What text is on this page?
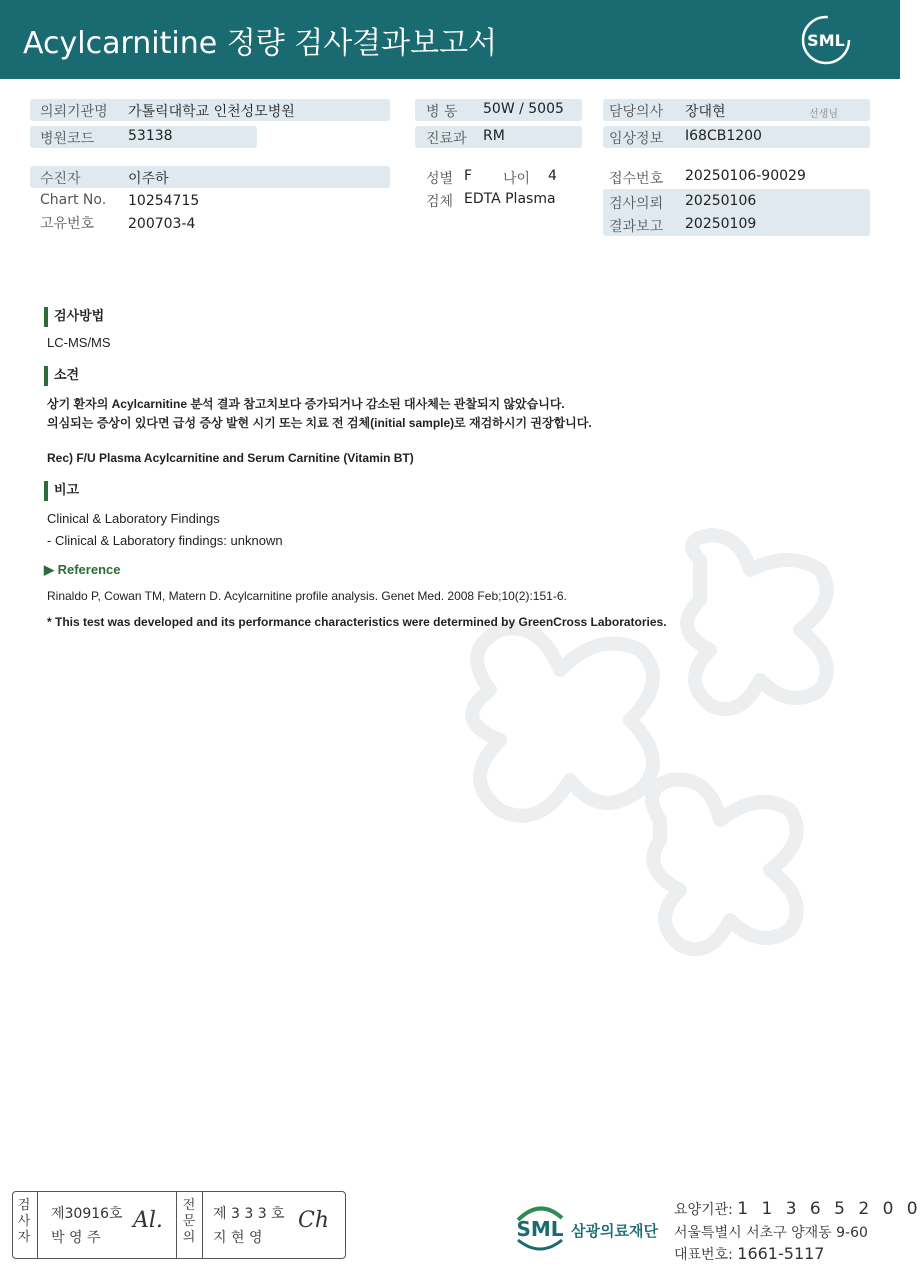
Acylcarnitine 정량 검사결과보고서	SML
의뢰기관명 가톨릭대학교 인천성모병원
병원코드 53138
병 동 50W / 5005
진료과 RM
담당의사 장대현	선생님
임상정보 I68CB1200
수진자	이주하
Chart No. 10254715
고유번호 200703-4
성별 F 나이 4
검체 EDTA Plasma
접수번호 20250106-90029
검사의뢰 20250106
결과보고 20250109
검사방법
LC-MS/MS
소견
상기 환자의 Acylcarnitine 분석 결과 참고치보다 증가되거나 감소된 대사체는 관찰되지 않았습니다.
의심되는 증상이 있다면 급성 증상 발현 시기 또는 치료 전 검체(initial sample)로 재검하시기 권장합니다.
Rec) F/U Plasma Acylcarnitine and Serum Carnitine (Vitamin BT)
비고
Clinical & Laboratory Findings
- Clinical & Laboratory findings: unknown
▶ Reference
Rinaldo P, Cowan TM, Matern D. Acylcarnitine profile analysis. Genet Med. 2008 Feb;10(2):151-6.
* This test was developed and its performance characteristics were determined by GreenCross Laboratories.
검사자
제30916호
박 영 주
Al.
전문의
제 3 3 3 호
지 현 영
Ch	SML 삼광의료재단
요양기관: 1 1 3 6 5 2 0 0
서울특별시 서초구 양재동 9-60
대표번호: 1661-5117
